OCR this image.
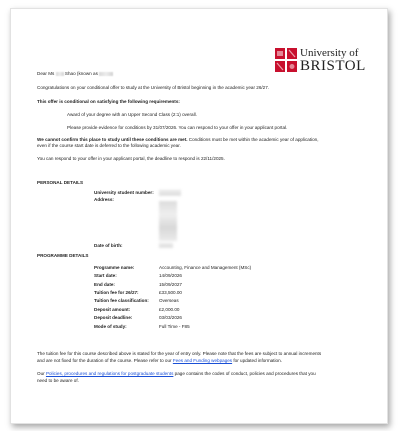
University of
BRISTOL
Dear Ms Shao (known as
Congratulations on your conditional offer to study at the University of Bristol beginning in the academic year 26/27.
This offer is conditional on satisfying the following requirements:
Award of your degree with an Upper Second Class (2:1) overall.
Please provide evidence for conditions by 31/07/2026. You can respond to your offer in your applicant portal.
We cannot confirm this place to study until these conditions are met. Conditions must be met within the academic year of application,
even if the course start date is deferred to the following academic year.
You can respond to your offer in your applicant portal, the deadline to respond is 22/11/2025.
PERSONAL DETAILS
University student number:
Address:
Date of birth:
PROGRAMME DETAILS
Programme name:	Accounting, Finance and Management (MSc)
Start date:	14/09/2026
End date:	15/09/2027
Tuition fee for 26/27:	£33,500.00
Tuition fee classification: Overseas
Deposit amount:	£2,000.00
Deposit deadline:	03/03/2026
Mode of study:	Full Time - F85
The tuition fee for this course described above is stated for the year of entry only. Please note that the fees are subject to annual increments
and are not fixed for the duration of the course. Please refer to our Fees and Funding webpages for updated information.
Our Policies, procedures and regulations for postgraduate students page contains the codes of conduct, policies and procedures that you
need to be aware of.
